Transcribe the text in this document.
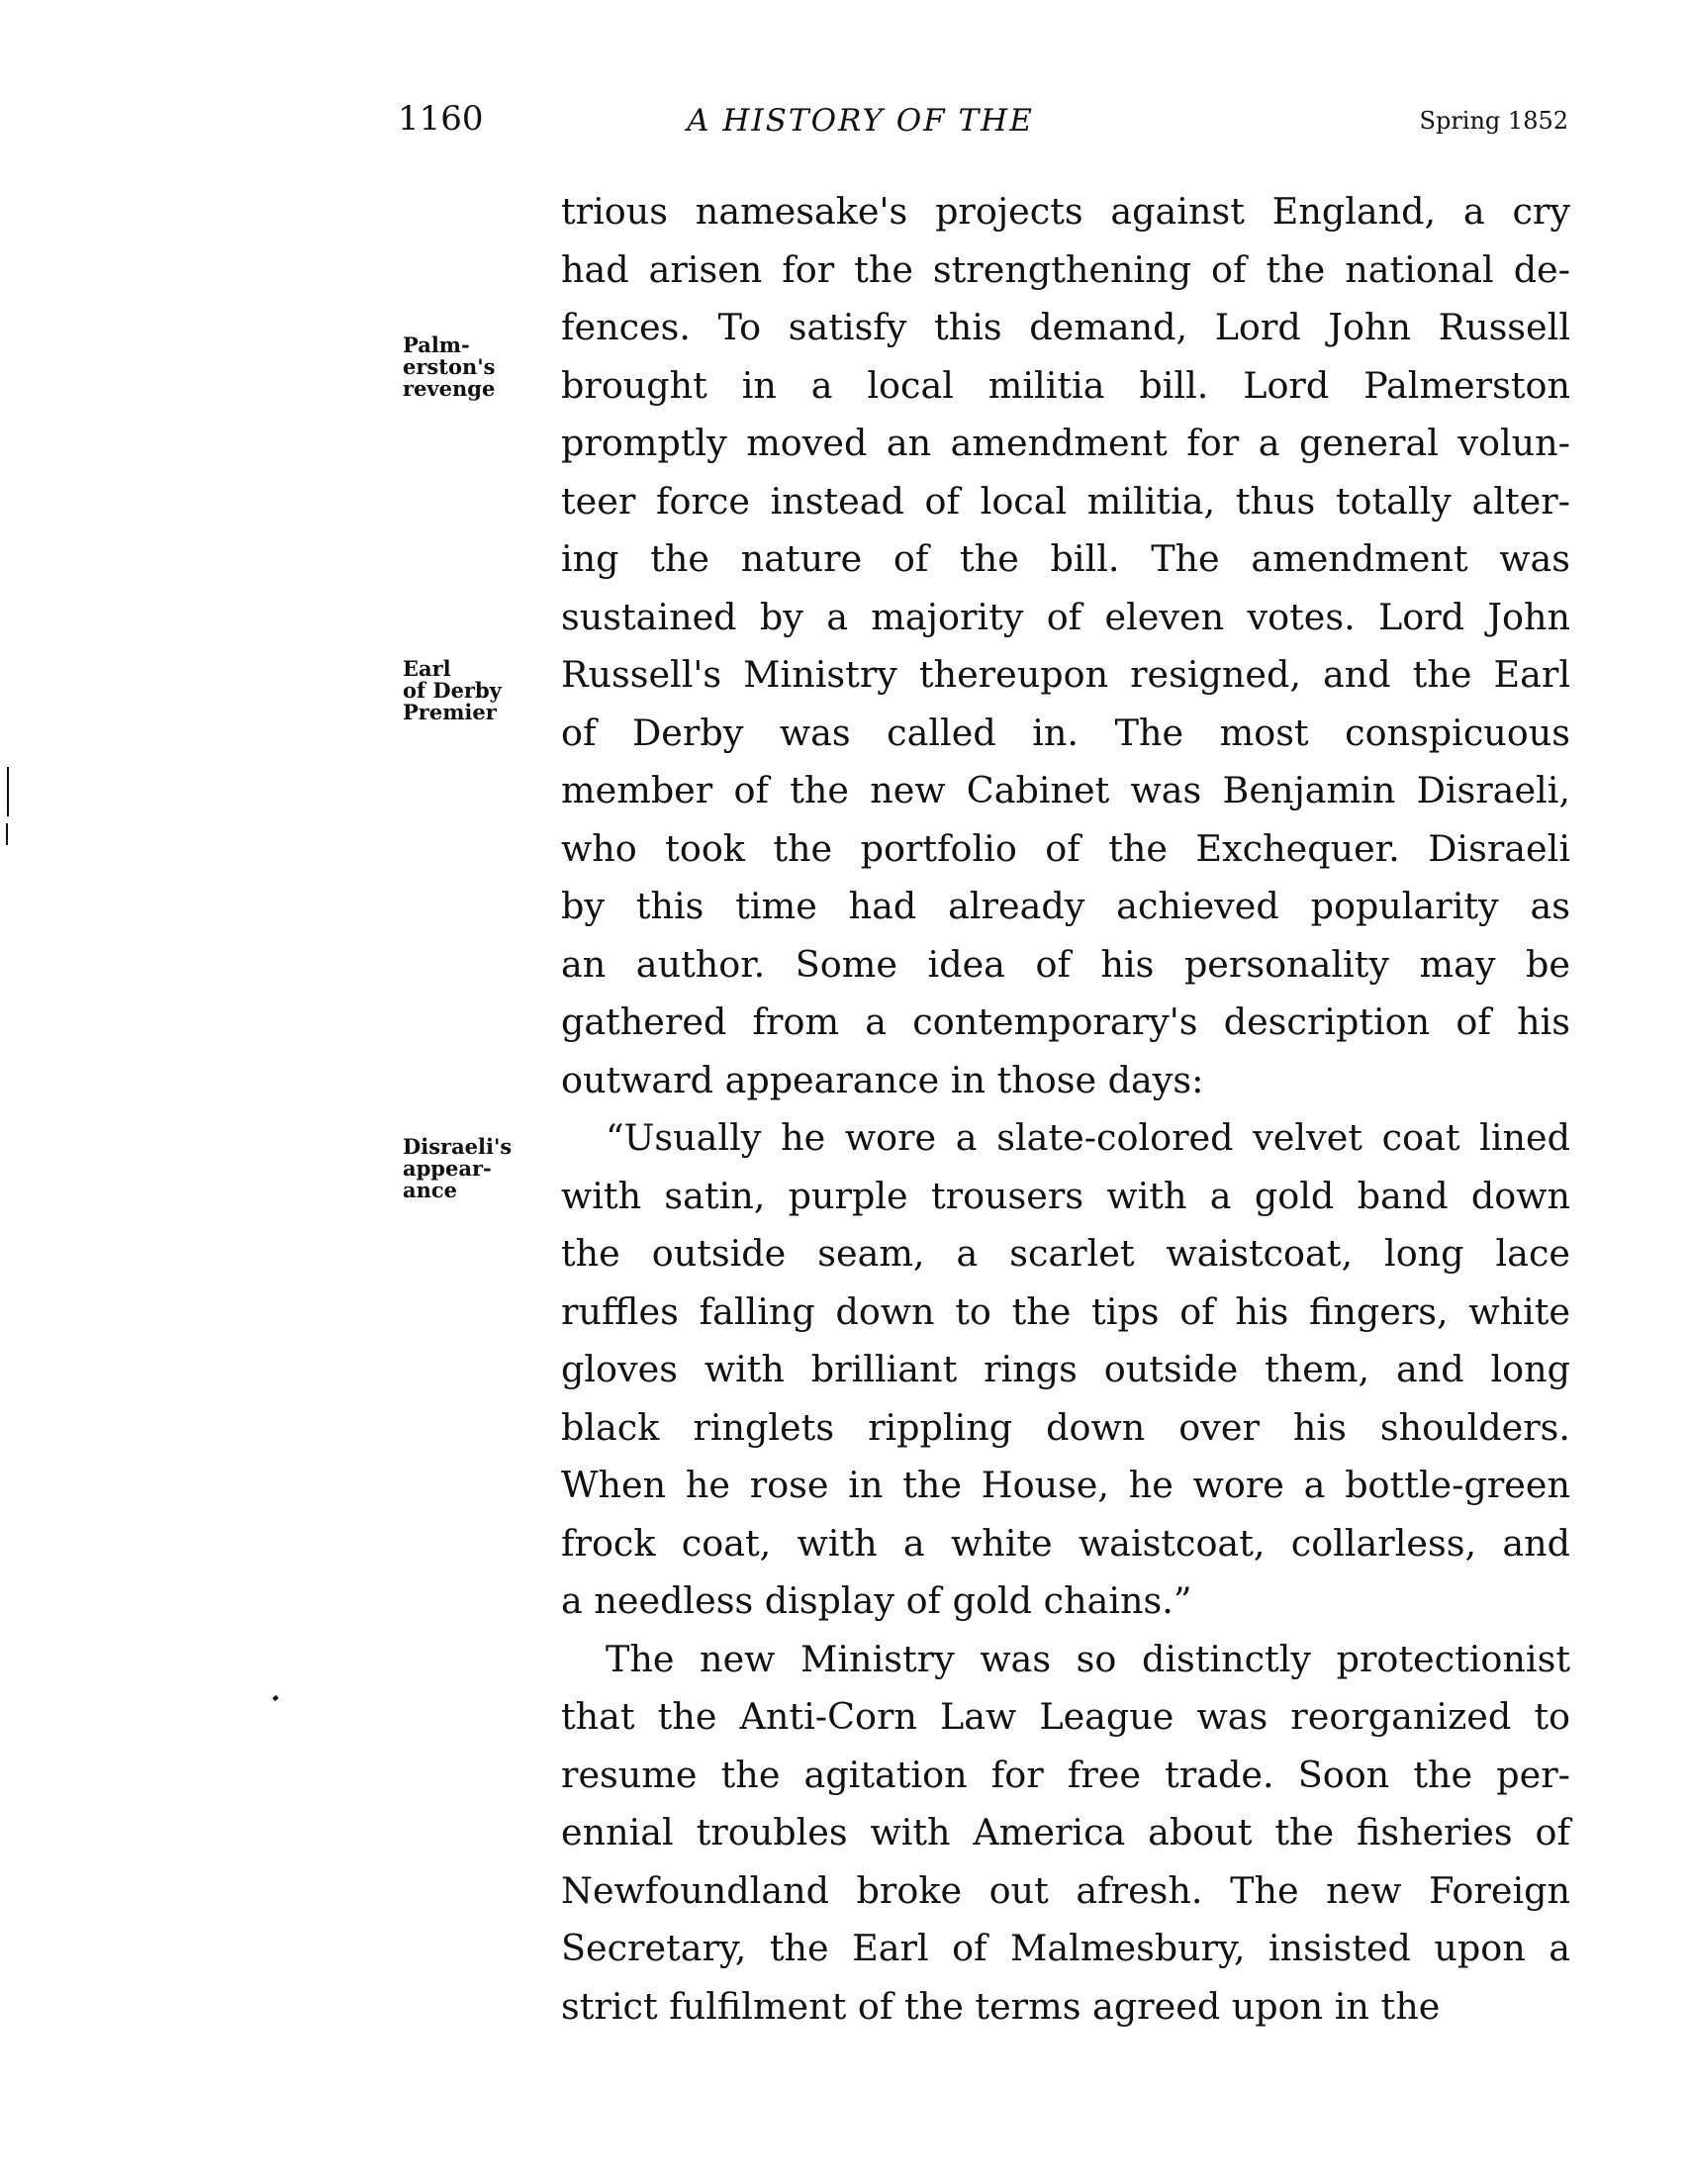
1160	A HISTORY OF THE	Spring 1852
Palm-
erston's
revenge
Earl
of Derby
Premier
Disraeli's
appear-
ance
trious namesake's projects against England, a cry
had arisen for the strengthening of the national de-
fences. To satisfy this demand, Lord John Russell
brought in a local militia bill. Lord Palmerston
promptly moved an amendment for a general volun-
teer force instead of local militia, thus totally alter-
ing the nature of the bill. The amendment was
sustained by a majority of eleven votes. Lord John
Russell's Ministry thereupon resigned, and the Earl
of Derby was called in. The most conspicuous
member of the new Cabinet was Benjamin Disraeli,
who took the portfolio of the Exchequer. Disraeli
by this time had already achieved popularity as
an author. Some idea of his personality may be
gathered from a contemporary's description of his
outward appearance in those days:
“Usually he wore a slate-colored velvet coat lined
with satin, purple trousers with a gold band down
the outside seam, a scarlet waistcoat, long lace
ruffles falling down to the tips of his fingers, white
gloves with brilliant rings outside them, and long
black ringlets rippling down over his shoulders.
When he rose in the House, he wore a bottle-green
frock coat, with a white waistcoat, collarless, and
a needless display of gold chains.”
The new Ministry was so distinctly protectionist
that the Anti-Corn Law League was reorganized to
resume the agitation for free trade. Soon the per-
ennial troubles with America about the fisheries of
Newfoundland broke out afresh. The new Foreign
Secretary, the Earl of Malmesbury, insisted upon a
strict fulfilment of the terms agreed upon in the
